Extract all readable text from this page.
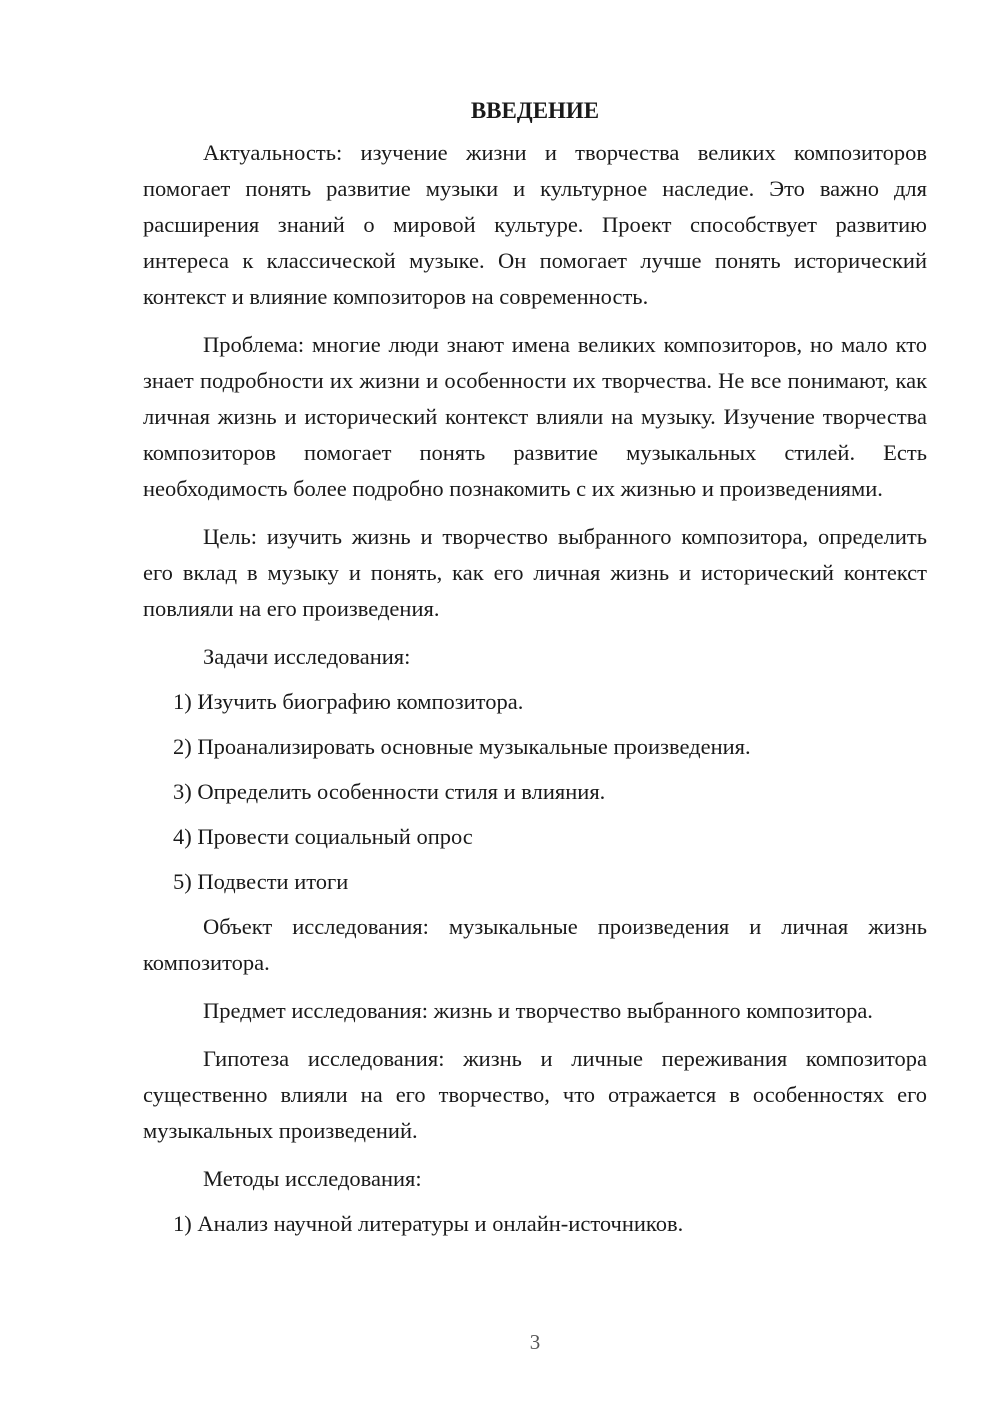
ВВЕДЕНИЕ

Актуальность: изучение жизни и творчества великих композиторов помогает понять развитие музыки и культурное наследие. Это важно для расширения знаний о мировой культуре. Проект способствует развитию интереса к классической музыке. Он помогает лучше понять исторический контекст и влияние композиторов на современность.

Проблема: многие люди знают имена великих композиторов, но мало кто знает подробности их жизни и особенности их творчества. Не все понимают, как личная жизнь и исторический контекст влияли на музыку. Изучение творчества композиторов помогает понять развитие музыкальных стилей. Есть необходимость более подробно познакомить с их жизнью и произведениями.

Цель: изучить жизнь и творчество выбранного композитора, определить его вклад в музыку и понять, как его личная жизнь и исторический контекст повлияли на его произведения.

Задачи исследования:
1) Изучить биографию композитора.
2) Проанализировать основные музыкальные произведения.
3) Определить особенности стиля и влияния.
4) Провести социальный опрос
5) Подвести итоги

Объект исследования: музыкальные произведения и личная жизнь композитора.

Предмет исследования: жизнь и творчество выбранного композитора.

Гипотеза исследования: жизнь и личные переживания композитора существенно влияли на его творчество, что отражается в особенностях его музыкальных произведений.

Методы исследования:
1) Анализ научной литературы и онлайн-источников.
3
